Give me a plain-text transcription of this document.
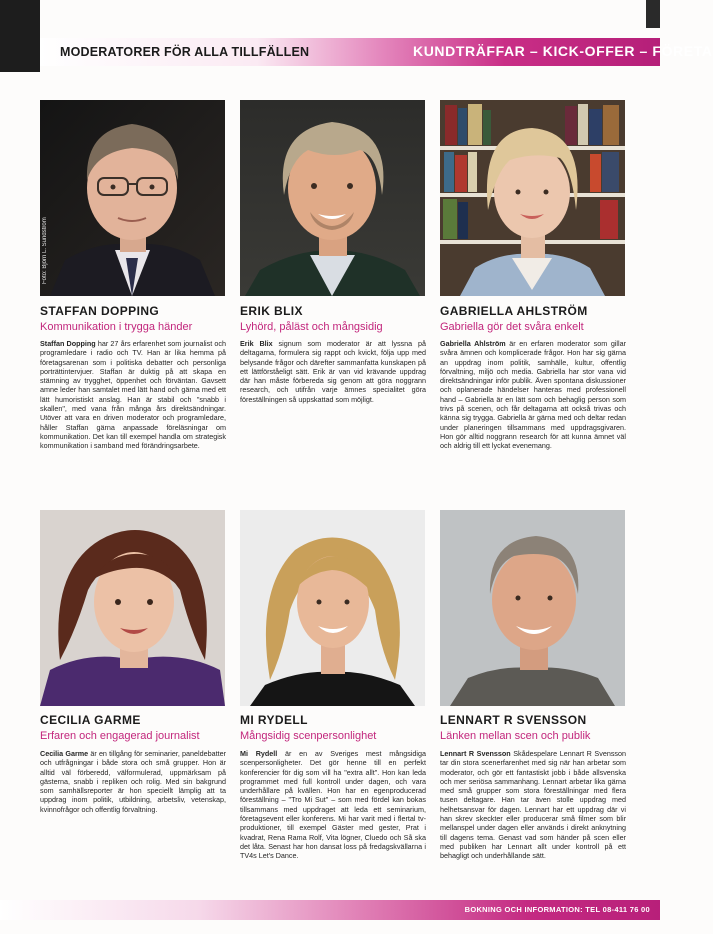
MODERATORER FÖR ALLA TILLFÄLLEN	KUNDTRÄFFAR – KICK-OFFER – FÖRETA
Foto: Björn L. Sundström
STAFFAN DOPPING
Kommunikation i trygga händer

Staffan Dopping har 27 års erfarenhet som journalist och programledare i radio och TV. Han är lika hemma på företagsarenan som i politiska debatter och personliga porträttintervjuer. Staffan är duktig på att skapa en stämning av trygghet, öppenhet och förväntan. Gavsett amne leder han samtalet med lätt hand och gärna med ett lätt humoristiskt anslag. Han är stabil och "snabb i skallen", med vana från många års direktsändningar. Utöver att vara en driven moderator och programledare, håller Staffan gärna anpassade föreläsningar om kommunikation. Det kan till exempel handla om strategisk kommunikation i samband med förändringsarbete.

ERIK BLIX
Lyhörd, påläst och mångsidig

Erik Blix signum som moderator är att lyssna på deltagarna, formulera sig rappt och kvickt, följa upp med belysande frågor och därefter sammanfatta kunskapen på ett lättförståeligt sätt. Erik är van vid krävande uppdrag där han måste förbereda sig genom att göra noggrann research, och utifrån varje ämnes specialitet göra föreställningen så uppskattad som möjligt.

GABRIELLA AHLSTRÖM
Gabriella gör det svåra enkelt

Gabriella Ahlström är en erfaren moderator som gillar svåra ämnen och komplicerade frågor. Hon har sig gärna an uppdrag inom politik, samhälle, kultur, offentlig förvaltning, miljö och media. Gabriella har stor vana vid direktsändningar inför publik. Även spontana diskussioner och oplanerade händelser hanteras med professionell hand – Gabriella är en lätt som och behaglig person som trivs på scenen, och får deltagarna att också trivas och känna sig trygga. Gabriella är gärna med och deltar redan under planeringen tillsammans med uppdragsgivaren. Hon gör alltid noggrann research för att kunna ämnet väl och aldrig till ett lyckat evenemang.

CECILIA GARME
Erfaren och engagerad journalist

Cecilia Garme är en tillgång för seminarier, paneldebatter och utfrågningar i både stora och små grupper. Hon är alltid väl förberedd, välformulerad, uppmärksam på gästerna, snabb i repliken och rolig. Med sin bakgrund som samhällsreporter är hon speciellt lämplig att ta uppdrag inom politik, utbildning, arbetsliv, vetenskap, kvinnofrågor och offentlig förvaltning.

MI RYDELL
Mångsidig scenpersonlighet

Mi Rydell är en av Sveriges mest mångsidiga scenpersonligheter. Det gör henne till en perfekt konferencier för dig som vill ha "extra allt". Hon kan leda programmet med full kontroll under dagen, och vara underhållare på kvällen. Hon har en egenproducerad föreställning – "Tro Mi Sut" – som med fördel kan bokas tillsammans med uppdraget att leda ett seminarium, företagsevent eller konferens. Mi har varit med i flertal tv-produktioner, till exempel Gäster med gester, Prat i kvadrat, Rena Rama Rolf, Vita lögner, Cluedo och Så ska det låta. Senast har hon dansat loss på fredagskvällarna i TV4s Let's Dance.

LENNART R SVENSSON
Länken mellan scen och publik

Lennart R Svensson Skådespelare Lennart R Svensson tar din stora scenerfarenhet med sig när han arbetar som moderator, och gör ett fantastiskt jobb i både allsvenska och mer seriösa sammanhang. Lennart arbetar lika gärna med små grupper som stora föreställningar med flera tusen deltagare. Han tar även stolle uppdrag med helhetsansvar för dagen. Lennart har ett uppdrag där vi han skrev skeckter eller producerar små filmer som blir mellanspel under dagen eller används i direkt anknytning till dagens tema. Genast vad som händer på scen eller med publiken har Lennart allt under kontroll på ett behagligt och underhållande sätt.

BOKNING OCH INFORMATION: TEL 08-411 76 00
